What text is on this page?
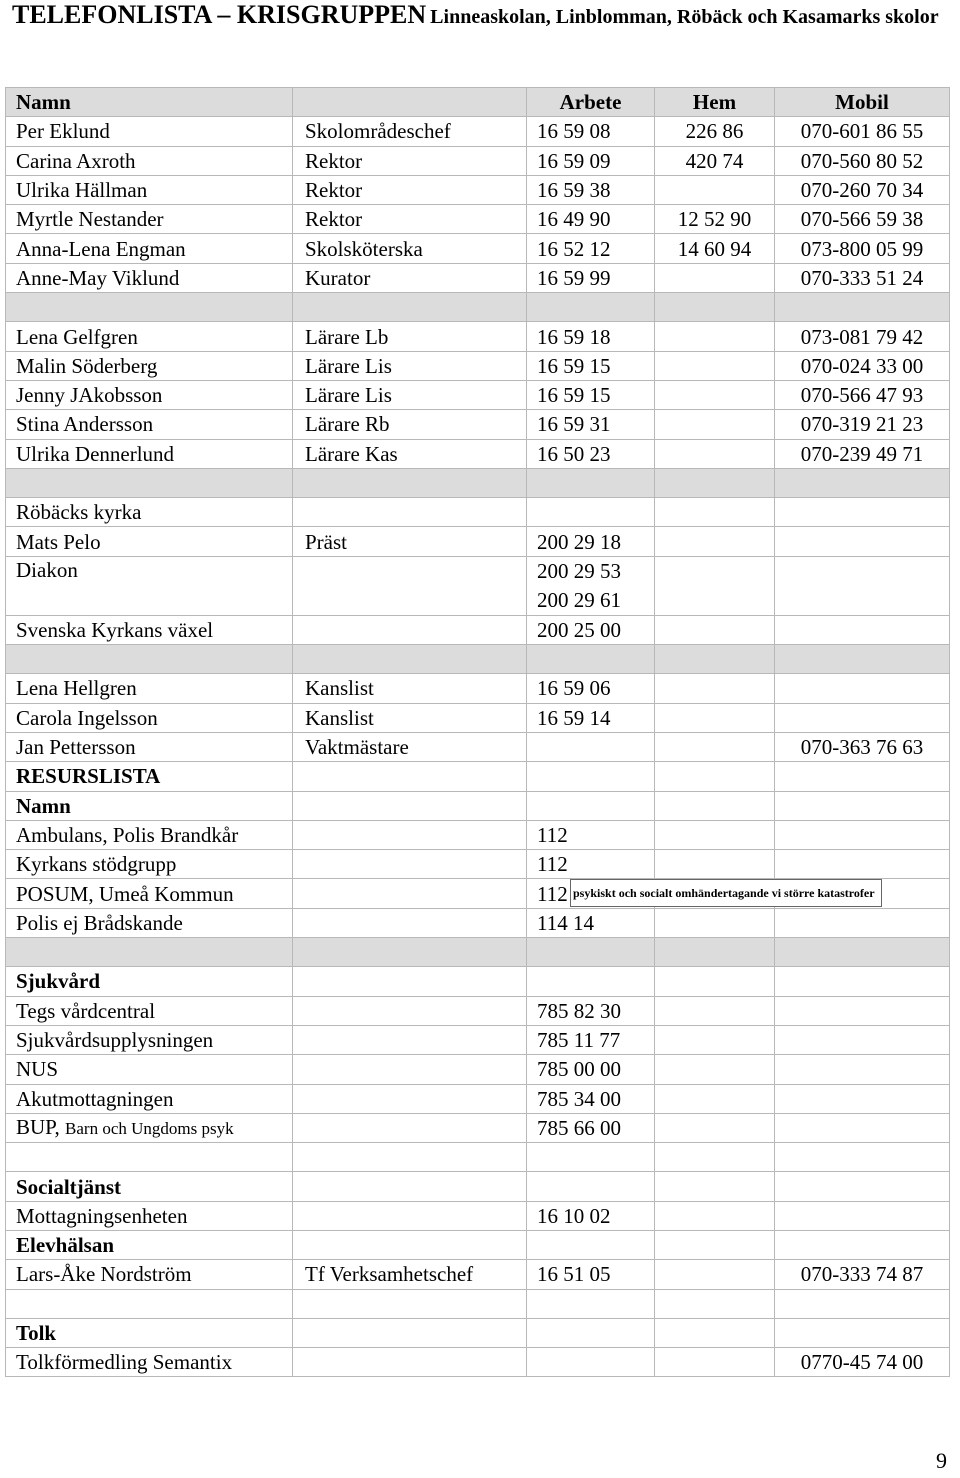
TELEFONLISTA – KRISGRUPPEN Linneaskolan, Linblomman, Röbäck och Kasamarks skolor
Namn		Arbete	Hem	Mobil
Per Eklund	Skolområdeschef	16 59 08	226 86	070-601 86 55
Carina Axroth	Rektor	16 59 09	420 74	070-560 80 52
Ulrika Hällman	Rektor	16 59 38		070-260 70 34
Myrtle Nestander	Rektor	16 49 90	12 52 90	070-566 59 38
Anna-Lena Engman	Skolsköterska	16 52 12	14 60 94	073-800 05 99
Anne-May Viklund	Kurator	16 59 99		070-333 51 24

Lena Gelfgren	Lärare Lb	16 59 18		073-081 79 42
Malin Söderberg	Lärare Lis	16 59 15		070-024 33 00
Jenny JAkobsson	Lärare Lis	16 59 15		070-566 47 93
Stina Andersson	Lärare Rb	16 59 31		070-319 21 23
Ulrika Dennerlund	Lärare Kas	16 50 23		070-239 49 71

Röbäcks kyrka				
Mats Pelo	Präst	200 29 18		
Diakon		200 29 53
200 29 61		

Svenska Kyrkans växel		200 25 00		

Lena Hellgren	Kanslist	16 59 06		
Carola Ingelsson	Kanslist	16 59 14		
Jan Pettersson	Vaktmästare			070-363 76 63
RESURSLISTA				
Namn				
Ambulans, Polis Brandkår		112		
Kyrkans stödgrupp		112		
POSUM, Umeå Kommun		112		
Polis ej Brådskande		114 14		

Sjukvård				
Tegs vårdcentral		785 82 30		
Sjukvårdsupplysningen		785 11 77		
NUS		785 00 00		
Akutmottagningen		785 34 00		
BUP, Barn och Ungdoms psyk		785 66 00		

Socialtjänst				
Mottagningsenheten		16 10 02		
Elevhälsan				
Lars-Åke Nordström	Tf Verksamhetschef	16 51 05		070-333 74 87

Tolk				
Tolkförmedling Semantix				0770-45 74 00
psykiskt och socialt omhändertagande vi större katastrofer
9
